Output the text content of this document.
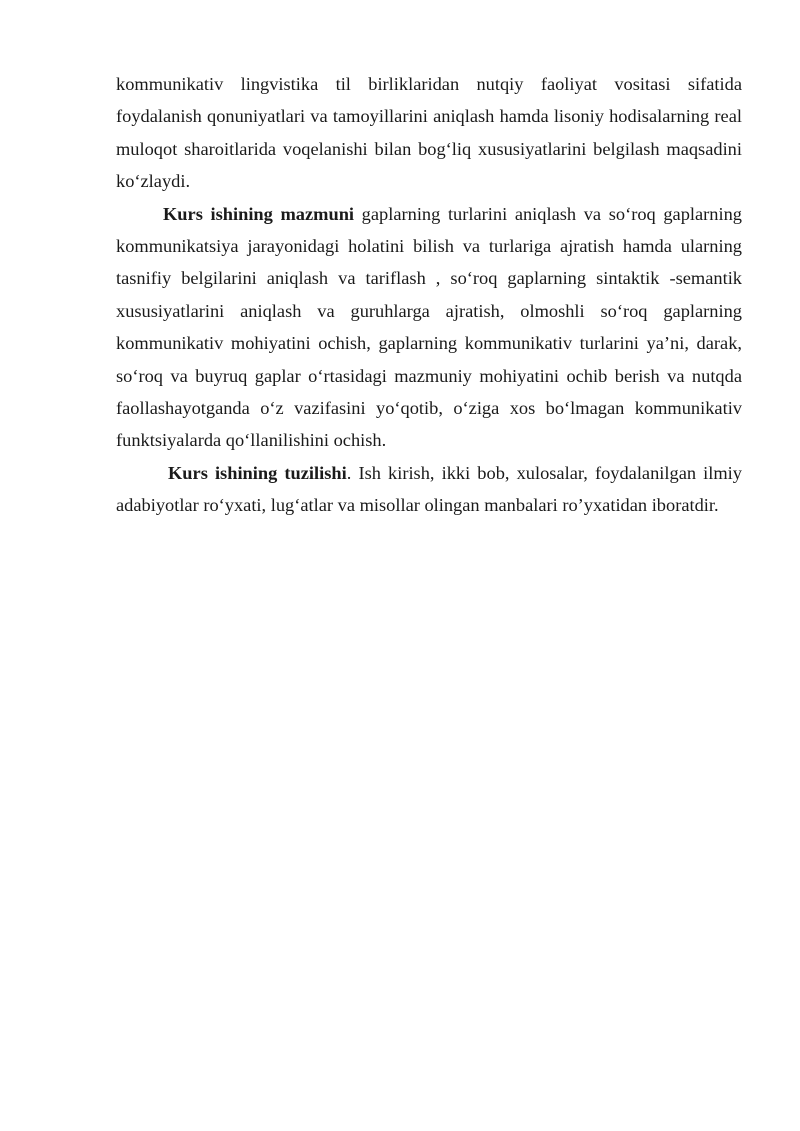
kommunikativ lingvistika til birliklaridan nutqiy faoliyat vositasi sifatida foydalanish qonuniyatlari va tamoyillarini aniqlash hamda lisoniy hodisalarning real muloqot sharoitlarida voqelanishi bilan bog‘liq xususiyatlarini belgilash maqsadini ko‘zlaydi.

Kurs ishining mazmuni gaplarning turlarini aniqlash va so‘roq gaplarning kommunikatsiya jarayonidagi holatini bilish va turlariga ajratish hamda ularning tasnifiy belgilarini aniqlash va tariflash , so‘roq gaplarning sintaktik -semantik xususiyatlarini aniqlash va guruhlarga ajratish, olmoshli so‘roq gaplarning kommunikativ mohiyatini ochish, gaplarning kommunikativ turlarini ya’ni, darak, so‘roq va buyruq gaplar o‘rtasidagi mazmuniy mohiyatini ochib berish va nutqda faollashayotganda o‘z vazifasini yo‘qotib, o‘ziga xos bo‘lmagan kommunikativ funktsiyalarda qo‘llanilishini ochish.

Kurs ishining tuzilishi. Ish kirish, ikki bob, xulosalar, foydalanilgan ilmiy adabiyotlar ro‘yxati, lug‘atlar va misollar olingan manbalari ro’yxatidan iboratdir.
